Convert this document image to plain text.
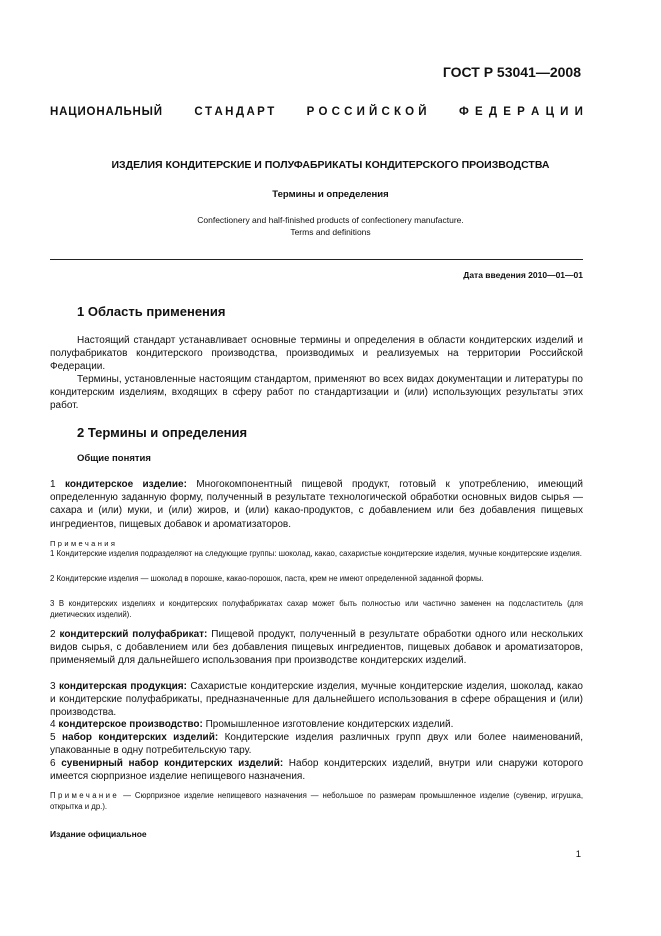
ГОСТ Р 53041—2008
Н А Ц И О Н А Л Ь Н Ы Й	С Т А Н Д А Р Т	Р О С С И Й С К О Й	Ф Е Д Е Р А Ц И И
ИЗДЕЛИЯ КОНДИТЕРСКИЕ И ПОЛУФАБРИКАТЫ КОНДИТЕРСКОГО ПРОИЗВОДСТВА
Термины и определения
Confectionery and half-finished products of confectionery manufacture.
Terms and definitions
Дата введения 2010—01—01
1 Область применения
Настоящий стандарт устанавливает основные термины и определения в области кондитерских изделий и полуфабрикатов кондитерского производства, производимых и реализуемых на территории Российской Федерации.
Термины, установленные настоящим стандартом, применяют во всех видах документации и литературы по кондитерским изделиям, входящих в сферу работ по стандартизации и (или) использующих результаты этих работ.
2 Термины и определения
Общие понятия
1 кондитерское изделие: Многокомпонентный пищевой продукт, готовый к употреблению, имеющий определенную заданную форму, полученный в результате технологической обработки основных видов сырья — сахара и (или) муки, и (или) жиров, и (или) какао-продуктов, с добавлением или без добавления пищевых ингредиентов, пищевых добавок и ароматизаторов.
Примечания
1 Кондитерские изделия подразделяют на следующие группы: шоколад, какао, сахаристые кондитерские изделия, мучные кондитерские изделия.
2 Кондитерские изделия — шоколад в порошке, какао-порошок, паста, крем не имеют определенной заданной формы.
3 В кондитерских изделиях и кондитерских полуфабрикатах сахар может быть полностью или частично заменен на подсластитель (для диетических изделий).
2 кондитерский полуфабрикат: Пищевой продукт, полученный в результате обработки одного или нескольких видов сырья, с добавлением или без добавления пищевых ингредиентов, пищевых добавок и ароматизаторов, применяемый для дальнейшего использования при производстве кондитерских изделий.
3 кондитерская продукция: Сахаристые кондитерские изделия, мучные кондитерские изделия, шоколад, какао и кондитерские полуфабрикаты, предназначенные для дальнейшего использования в сфере обращения и (или) производства.
4 кондитерское производство: Промышленное изготовление кондитерских изделий.
5 набор кондитерских изделий: Кондитерские изделия различных групп двух или более наименований, упакованные в одну потребительскую тару.
6 сувенирный набор кондитерских изделий: Набор кондитерских изделий, внутри или снаружи которого имеется сюрпризное изделие непищевого назначения.
Примечание — Сюрпризное изделие непищевого назначения — небольшое по размерам промышленное изделие (сувенир, игрушка, открытка и др.).
Издание официальное
1
